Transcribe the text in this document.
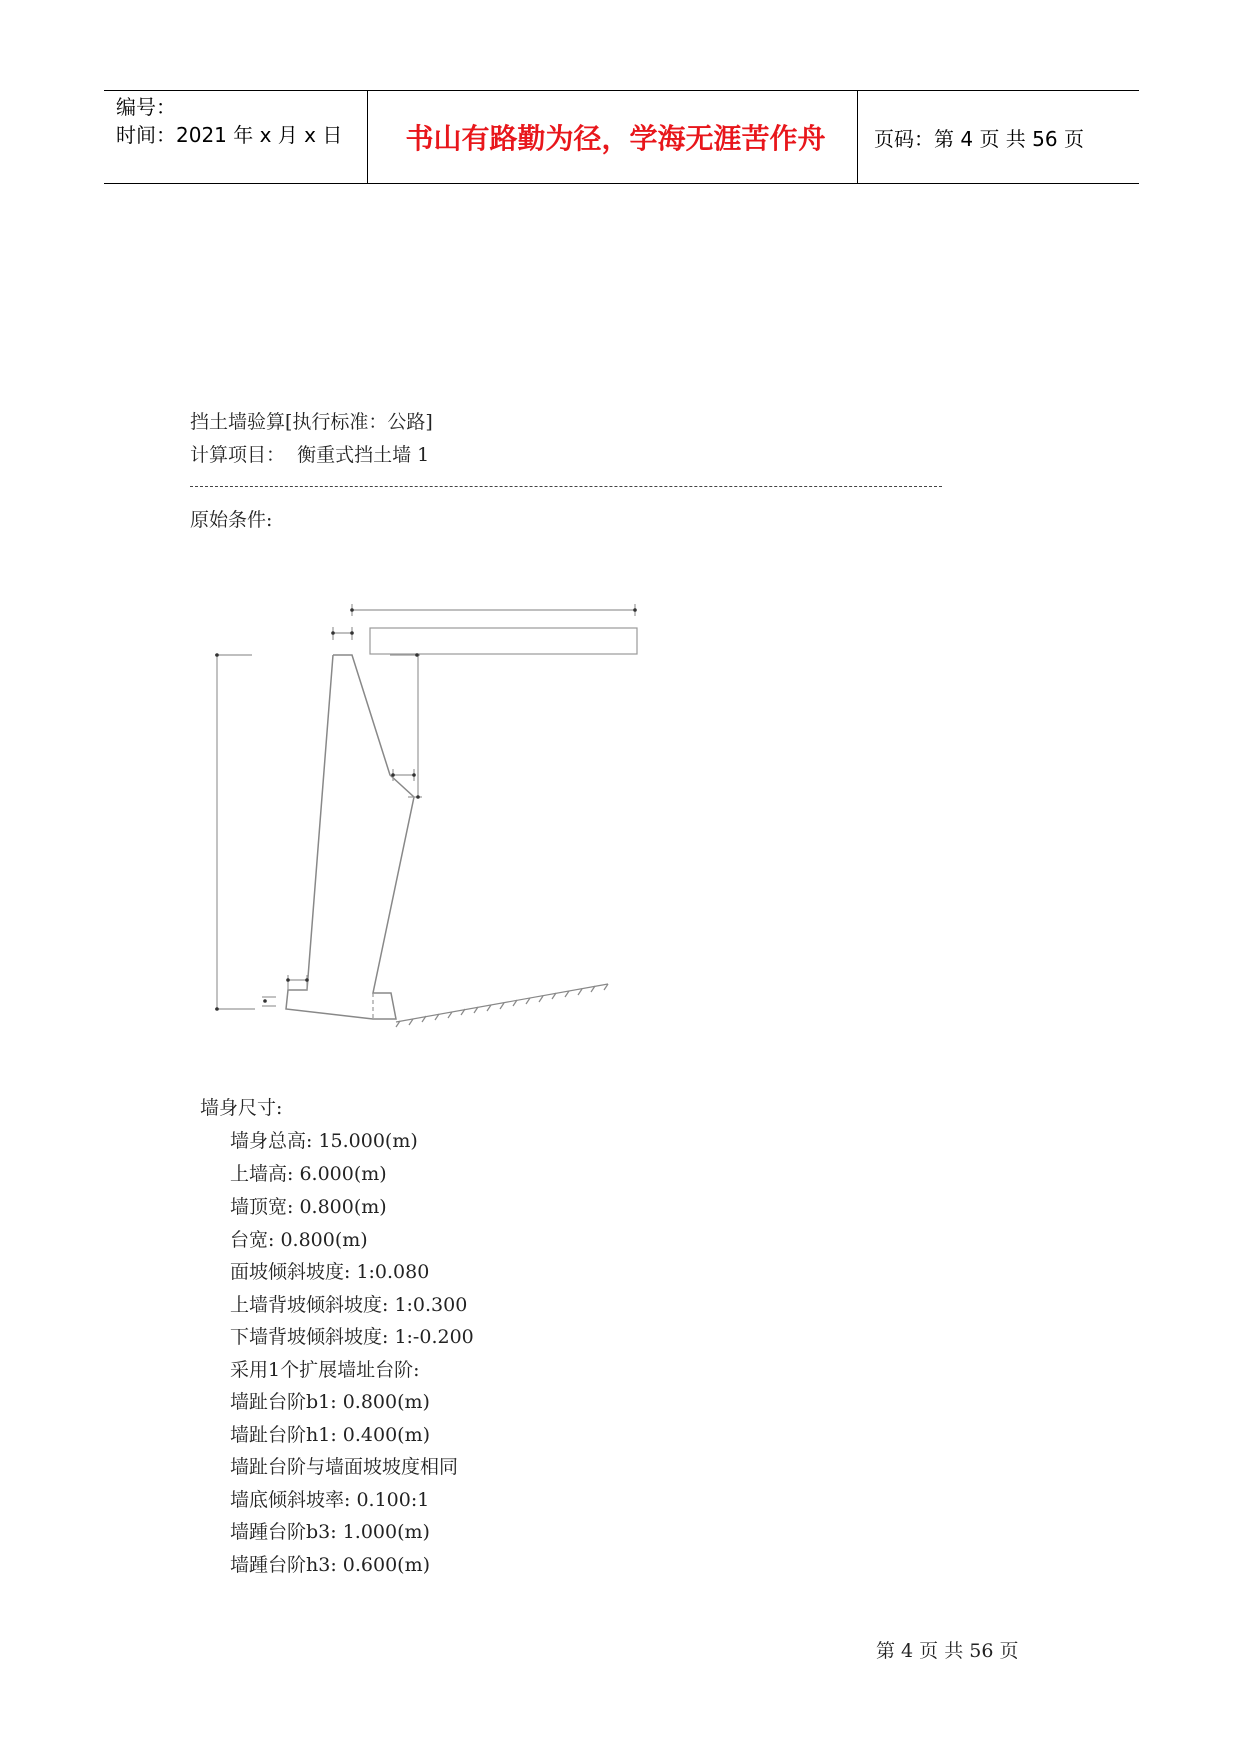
编号：
时间：2021 年 x 月 x 日	书山有路勤为径，学海无涯苦作舟	页码：第 4 页 共 56 页
挡土墙验算[执行标准：公路]
计算项目：  衡重式挡土墙 1
原始条件:
墙身尺寸:
墙身总高: 15.000(m)
上墙高: 6.000(m)
墙顶宽: 0.800(m)
台宽: 0.800(m)
面坡倾斜坡度: 1:0.080
上墙背坡倾斜坡度: 1:0.300
下墙背坡倾斜坡度: 1:-0.200
采用1个扩展墙址台阶:
墙趾台阶b1: 0.800(m)
墙趾台阶h1: 0.400(m)
墙趾台阶与墙面坡坡度相同
墙底倾斜坡率: 0.100:1
墙踵台阶b3: 1.000(m)
墙踵台阶h3: 0.600(m)
第 4 页 共 56 页
